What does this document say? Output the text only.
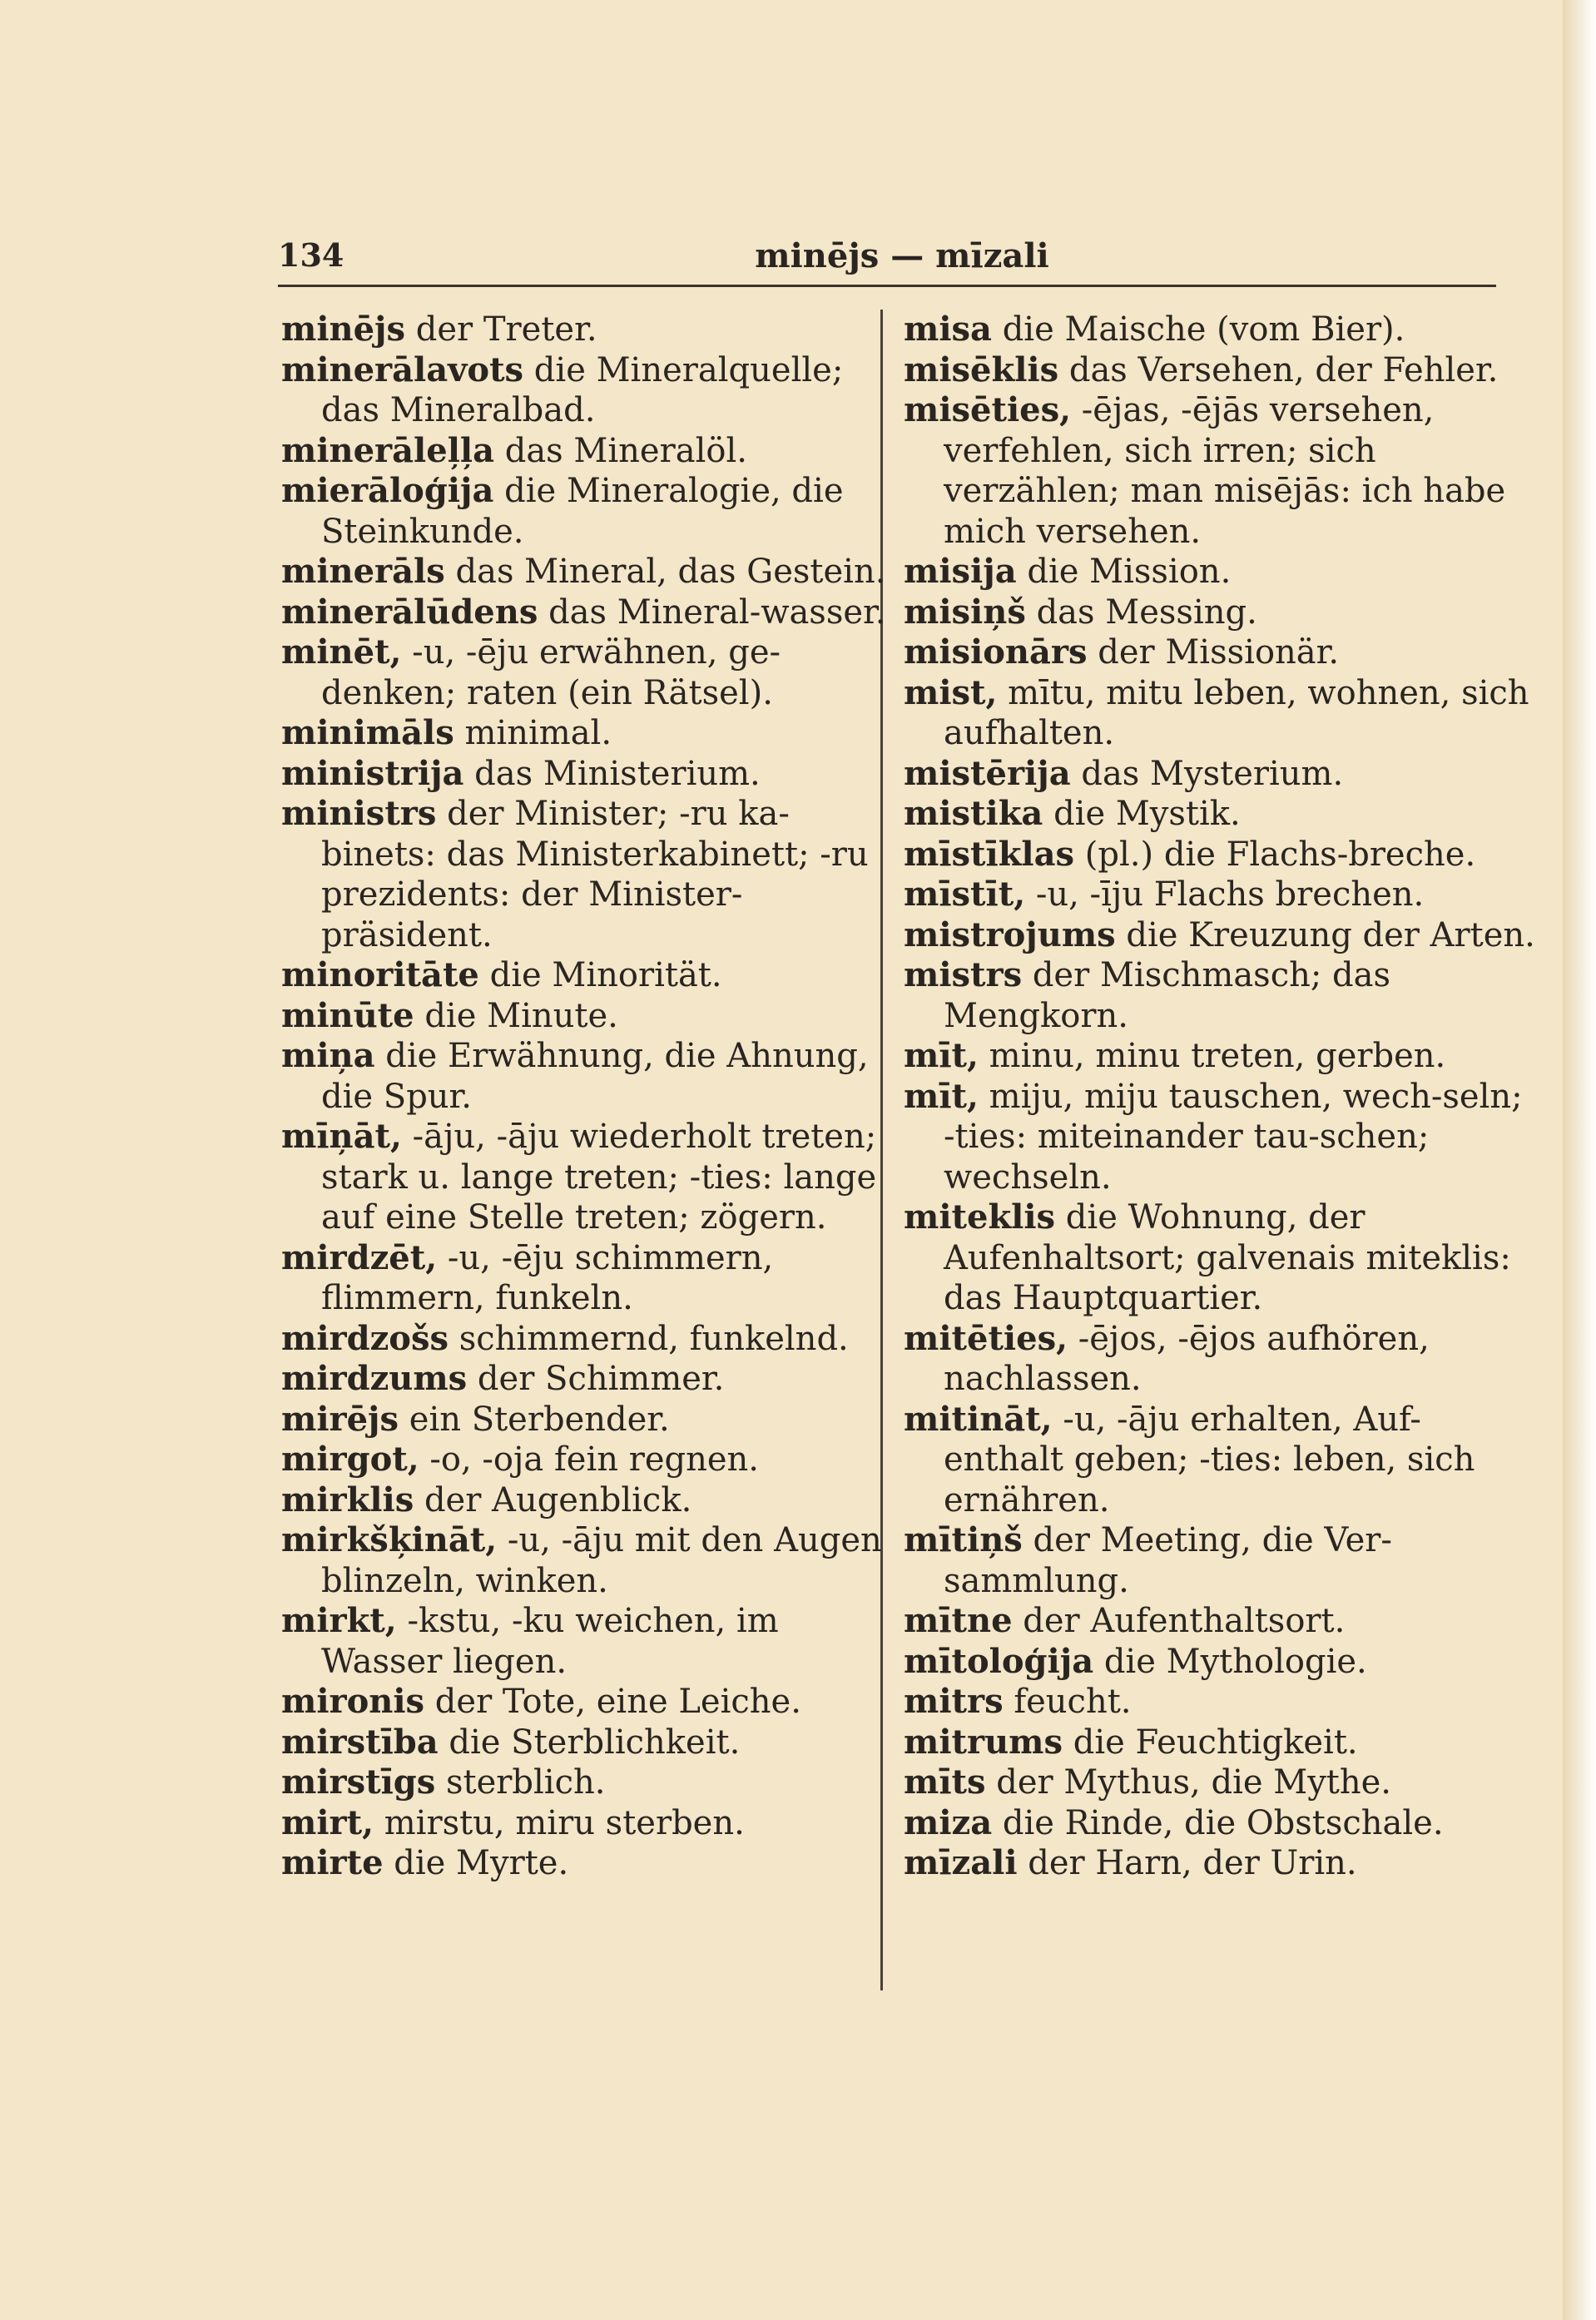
134	minējs — mīzali
minējs der Treter.
minerālavots die Mineralquelle; das Mineralbad.
minerāleļļa das Mineralöl.
mierāloģija die Mineralogie, die Steinkunde.
minerāls das Mineral, das Gestein.
minerālūdens das Mineral-wasser.
minēt, -u, -ēju erwähnen, ge-denken; raten (ein Rätsel).
minimāls minimal.
ministrija das Ministerium.
ministrs der Minister; -ru ka-binets: das Ministerkabinett; -ru prezidents: der Minister-präsident.
minoritāte die Minorität.
minūte die Minute.
miņa die Erwähnung, die Ahnung, die Spur.
mīņāt, -āju, -āju wiederholt treten; stark u. lange treten; -ties: lange auf eine Stelle treten; zögern.
mirdzēt, -u, -ēju schimmern, flimmern, funkeln.
mirdzošs schimmernd, funkelnd.
mirdzums der Schimmer.
mirējs ein Sterbender.
mirgot, -o, -oja fein regnen.
mirklis der Augenblick.
mirkšķināt, -u, -āju mit den Augen blinzeln, winken.
mirkt, -kstu, -ku weichen, im Wasser liegen.
mironis der Tote, eine Leiche.
mirstība die Sterblichkeit.
mirstīgs sterblich.
mirt, mirstu, miru sterben.
mirte die Myrte.
misa die Maische (vom Bier).
misēklis das Versehen, der Fehler.
misēties, -ējas, -ējās versehen, verfehlen, sich irren; sich verzählen; man misējās: ich habe mich versehen.
misija die Mission.
misiņš das Messing.
misionārs der Missionär.
mist, mītu, mitu leben, wohnen, sich aufhalten.
mistērija das Mysterium.
mistika die Mystik.
mīstīklas (pl.) die Flachs-breche.
mīstīt, -u, -īju Flachs brechen.
mistrojums die Kreuzung der Arten.
mistrs der Mischmasch; das Mengkorn.
mīt, minu, minu treten, gerben.
mīt, miju, miju tauschen, wech-seln; -ties: miteinander tau-schen; wechseln.
miteklis die Wohnung, der Aufenhaltsort; galvenais miteklis: das Hauptquartier.
mitēties, -ējos, -ējos aufhören, nachlassen.
mitināt, -u, -āju erhalten, Auf-enthalt geben; -ties: leben, sich ernähren.
mītiņš der Meeting, die Ver-sammlung.
mītne der Aufenthaltsort.
mītoloģija die Mythologie.
mitrs feucht.
mitrums die Feuchtigkeit.
mīts der Mythus, die Mythe.
miza die Rinde, die Obstschale.
mīzali der Harn, der Urin.
